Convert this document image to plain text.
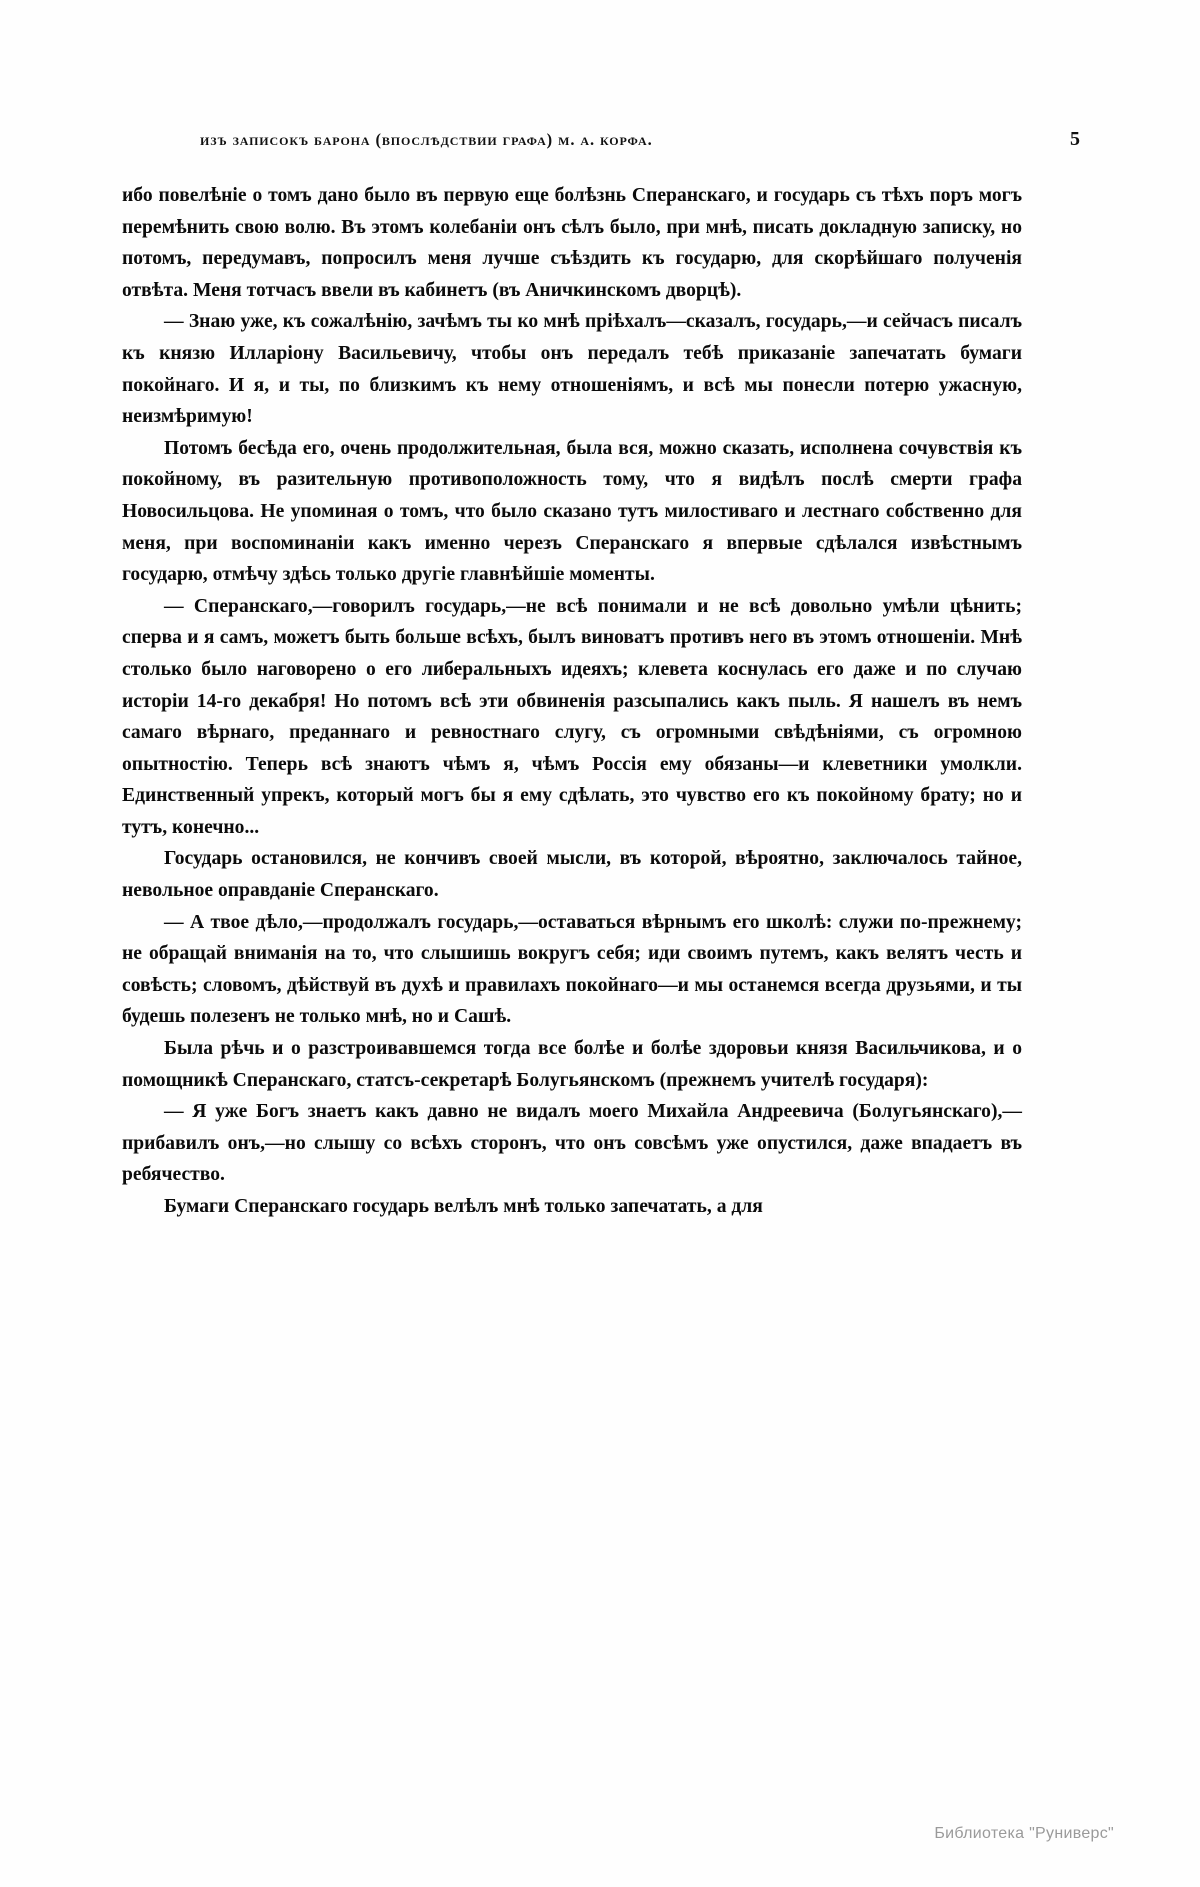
изъ записокъ барона (впослѣдствии графа) м. а. корфа.	5

ибо повелѣніе о томъ дано было въ первую еще болѣзнь Сперанскаго, и государь съ тѣхъ поръ могъ перемѣнить свою волю. Въ этомъ колебаніи онъ сѣлъ было, при мнѣ, писать докладную записку, но потомъ, передумавъ, попросилъ меня лучше съѣздить къ государю, для скорѣйшаго полученія отвѣта. Меня тотчасъ ввели въ кабинетъ (въ Аничкинскомъ дворцѣ).

— Знаю уже, къ сожалѣнію, зачѣмъ ты ко мнѣ пріѣхалъ—сказалъ, государь,—и сейчасъ писалъ къ князю Илларіону Васильевичу, чтобы онъ передалъ тебѣ приказаніе запечатать бумаги покойнаго. И я, и ты, по близкимъ къ нему отношеніямъ, и всѣ мы понесли потерю ужасную, неизмѣримую!

Потомъ бесѣда его, очень продолжительная, была вся, можно сказать, исполнена сочувствія къ покойному, въ разительную противоположность тому, что я видѣлъ послѣ смерти графа Новосильцова. Не упоминая о томъ, что было сказано тутъ милостиваго и лестнаго собственно для меня, при воспоминаніи какъ именно черезъ Сперанскаго я впервые сдѣлался извѣстнымъ государю, отмѣчу здѣсь только другіе главнѣйшіе моменты.

— Сперанскаго,—говорилъ государь,—не всѣ понимали и не всѣ довольно умѣли цѣнить; сперва и я самъ, можетъ быть больше всѣхъ, былъ виноватъ противъ него въ этомъ отношеніи. Мнѣ столько было наговорено о его либеральныхъ идеяхъ; клевета коснулась его даже и по случаю исторіи 14-го декабря! Но потомъ всѣ эти обвиненія разсыпались какъ пыль. Я нашелъ въ немъ самаго вѣрнаго, преданнаго и ревностнаго слугу, съ огромными свѣдѣніями, съ огромною опытностію. Теперь всѣ знаютъ чѣмъ я, чѣмъ Россія ему обязаны—и клеветники умолкли. Единственный упрекъ, который могъ бы я ему сдѣлать, это чувство его къ покойному брату; но и тутъ, конечно...

Государь остановился, не кончивъ своей мысли, въ которой, вѣроятно, заключалось тайное, невольное оправданіе Сперанскаго.

— А твое дѣло,—продолжалъ государь,—оставаться вѣрнымъ его школѣ: служи по-прежнему; не обращай вниманія на то, что слышишь вокругъ себя; иди своимъ путемъ, какъ велятъ честь и совѣсть; словомъ, дѣйствуй въ духѣ и правилахъ покойнаго—и мы останемся всегда друзьями, и ты будешь полезенъ не только мнѣ, но и Сашѣ.

Была рѣчь и о разстроивавшемся тогда все болѣе и болѣе здоровьи князя Васильчикова, и о помощникѣ Сперанскаго, статсъ-секретарѣ Болугьянскомъ (прежнемъ учителѣ государя):

— Я уже Богъ знаетъ какъ давно не видалъ моего Михайла Андреевича (Болугьянскаго),—прибавилъ онъ,—но слышу со всѣхъ сторонъ, что онъ совсѣмъ уже опустился, даже впадаетъ въ ребячество.

Бумаги Сперанскаго государь велѣлъ мнѣ только запечатать, а для

Библиотека "Руниверс"
